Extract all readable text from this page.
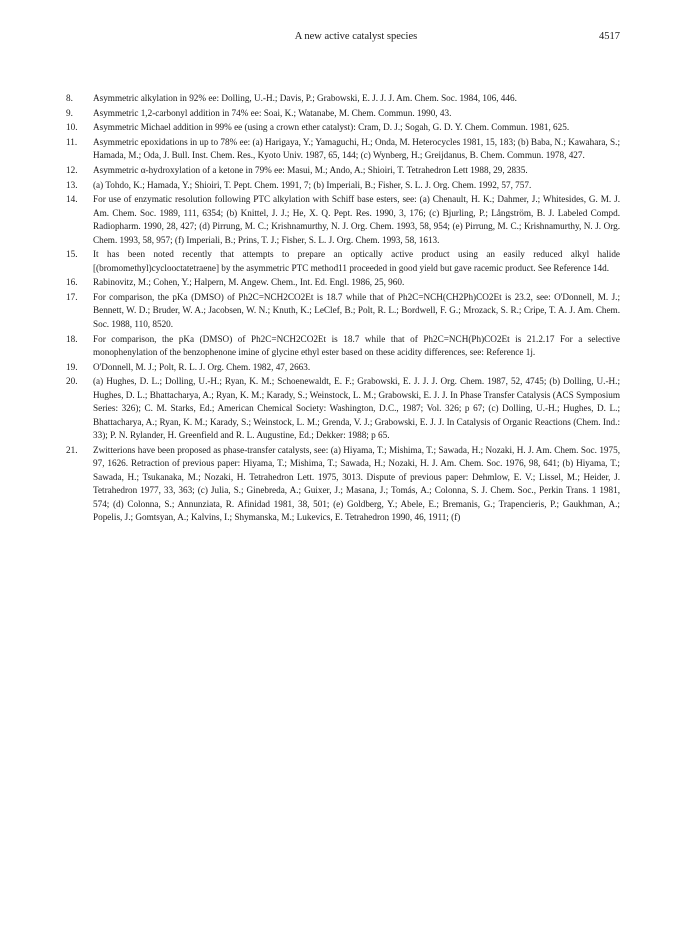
A new active catalyst species	4517
8.	Asymmetric alkylation in 92% ee: Dolling, U.-H.; Davis, P.; Grabowski, E. J. J. J. Am. Chem. Soc. 1984, 106, 446.
9.	Asymmetric 1,2-carbonyl addition in 74% ee: Soai, K.; Watanabe, M. Chem. Commun. 1990, 43.
10.	Asymmetric Michael addition in 99% ee (using a crown ether catalyst): Cram, D. J.; Sogah, G. D. Y. Chem. Commun. 1981, 625.
11.	Asymmetric epoxidations in up to 78% ee: (a) Harigaya, Y.; Yamaguchi, H.; Onda, M. Heterocycles 1981, 15, 183; (b) Baba, N.; Kawahara, S.; Hamada, M.; Oda, J. Bull. Inst. Chem. Res., Kyoto Univ. 1987, 65, 144; (c) Wynberg, H.; Greijdanus, B. Chem. Commun. 1978, 427.
12.	Asymmetric α-hydroxylation of a ketone in 79% ee: Masui, M.; Ando, A.; Shioiri, T. Tetrahedron Lett 1988, 29, 2835.
13.	(a) Tohdo, K.; Hamada, Y.; Shioiri, T. Pept. Chem. 1991, 7; (b) Imperiali, B.; Fisher, S. L. J. Org. Chem. 1992, 57, 757.
14.	For use of enzymatic resolution following PTC alkylation with Schiff base esters, see: (a) Chenault, H. K.; Dahmer, J.; Whitesides, G. M. J. Am. Chem. Soc. 1989, 111, 6354; (b) Knittel, J. J.; He, X. Q. Pept. Res. 1990, 3, 176; (c) Bjurling, P.; Långström, B. J. Labeled Compd. Radiopharm. 1990, 28, 427; (d) Pirrung, M. C.; Krishnamurthy, N. J. Org. Chem. 1993, 58, 954; (e) Pirrung, M. C.; Krishnamurthy, N. J. Org. Chem. 1993, 58, 957; (f) Imperiali, B.; Prins, T. J.; Fisher, S. L. J. Org. Chem. 1993, 58, 1613.
15.	It has been noted recently that attempts to prepare an optically active product using an easily reduced alkyl halide [(bromomethyl)cyclooctatetraene] by the asymmetric PTC method11 proceeded in good yield but gave racemic product. See Reference 14d.
16.	Rabinovitz, M.; Cohen, Y.; Halpern, M. Angew. Chem., Int. Ed. Engl. 1986, 25, 960.
17.	For comparison, the pKa (DMSO) of Ph2C=NCH2CO2Et is 18.7 while that of Ph2C=NCH(CH2Ph)CO2Et is 23.2, see: O'Donnell, M. J.; Bennett, W. D.; Bruder, W. A.; Jacobsen, W. N.; Knuth, K.; LeClef, B.; Polt, R. L.; Bordwell, F. G.; Mrozack, S. R.; Cripe, T. A. J. Am. Chem. Soc. 1988, 110, 8520.
18.	For comparison, the pKa (DMSO) of Ph2C=NCH2CO2Et is 18.7 while that of Ph2C=NCH(Ph)CO2Et is 21.2.17 For a selective monophenylation of the benzophenone imine of glycine ethyl ester based on these acidity differences, see: Reference 1j.
19.	O'Donnell, M. J.; Polt, R. L. J. Org. Chem. 1982, 47, 2663.
20.	(a) Hughes, D. L.; Dolling, U.-H.; Ryan, K. M.; Schoenewaldt, E. F.; Grabowski, E. J. J. J. Org. Chem. 1987, 52, 4745; (b) Dolling, U.-H.; Hughes, D. L.; Bhattacharya, A.; Ryan, K. M.; Karady, S.; Weinstock, L. M.; Grabowski, E. J. J. In Phase Transfer Catalysis (ACS Symposium Series: 326); C. M. Starks, Ed.; American Chemical Society: Washington, D.C., 1987; Vol. 326; p 67; (c) Dolling, U.-H.; Hughes, D. L.; Bhattacharya, A.; Ryan, K. M.; Karady, S.; Weinstock, L. M.; Grenda, V. J.; Grabowski, E. J. J. In Catalysis of Organic Reactions (Chem. Ind.: 33); P. N. Rylander, H. Greenfield and R. L. Augustine, Ed.; Dekker: 1988; p 65.
21.	Zwitterions have been proposed as phase-transfer catalysts, see: (a) Hiyama, T.; Mishima, T.; Sawada, H.; Nozaki, H. J. Am. Chem. Soc. 1975, 97, 1626. Retraction of previous paper: Hiyama, T.; Mishima, T.; Sawada, H.; Nozaki, H. J. Am. Chem. Soc. 1976, 98, 641; (b) Hiyama, T.; Sawada, H.; Tsukanaka, M.; Nozaki, H. Tetrahedron Lett. 1975, 3013. Dispute of previous paper: Dehmlow, E. V.; Lissel, M.; Heider, J. Tetrahedron 1977, 33, 363; (c) Julia, S.; Ginebreda, A.; Guixer, J.; Masana, J.; Tomás, A.; Colonna, S. J. Chem. Soc., Perkin Trans. 1 1981, 574; (d) Colonna, S.; Annunziata, R. Afinidad 1981, 38, 501; (e) Goldberg, Y.; Abele, E.; Bremanis, G.; Trapencieris, P.; Gaukhman, A.; Popelis, J.; Gomtsyan, A.; Kalvins, I.; Shymanska, M.; Lukevics, E. Tetrahedron 1990, 46, 1911; (f)
